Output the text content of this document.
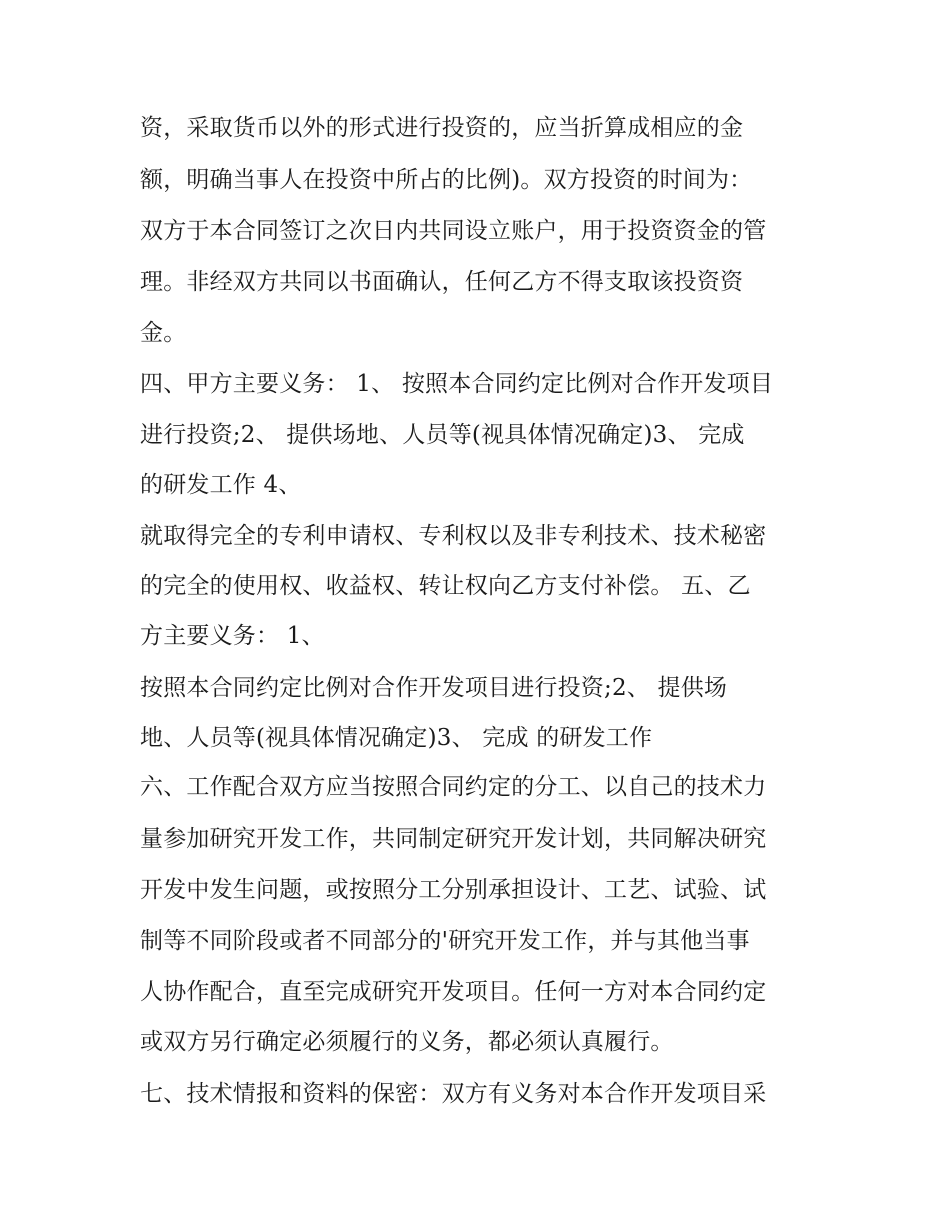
资，采取货币以外的形式进行投资的，应当折算成相应的金
额，明确当事人在投资中所占的比例)。双方投资的时间为：
双方于本合同签订之次日内共同设立账户，用于投资资金的管
理。非经双方共同以书面确认，任何乙方不得支取该投资资
金。
四、甲方主要义务： 1、 按照本合同约定比例对合作开发项目
进行投资;2、 提供场地、人员等(视具体情况确定)3、 完成
的研发工作 4、
就取得完全的专利申请权、专利权以及非专利技术、技术秘密
的完全的使用权、收益权、转让权向乙方支付补偿。 五、乙
方主要义务： 1、
按照本合同约定比例对合作开发项目进行投资;2、 提供场
地、人员等(视具体情况确定)3、 完成 的研发工作
六、工作配合双方应当按照合同约定的分工、以自己的技术力
量参加研究开发工作，共同制定研究开发计划，共同解决研究
开发中发生问题，或按照分工分别承担设计、工艺、试验、试
制等不同阶段或者不同部分的'研究开发工作，并与其他当事
人协作配合，直至完成研究开发项目。任何一方对本合同约定
或双方另行确定必须履行的义务，都必须认真履行。
七、技术情报和资料的保密：双方有义务对本合作开发项目采
